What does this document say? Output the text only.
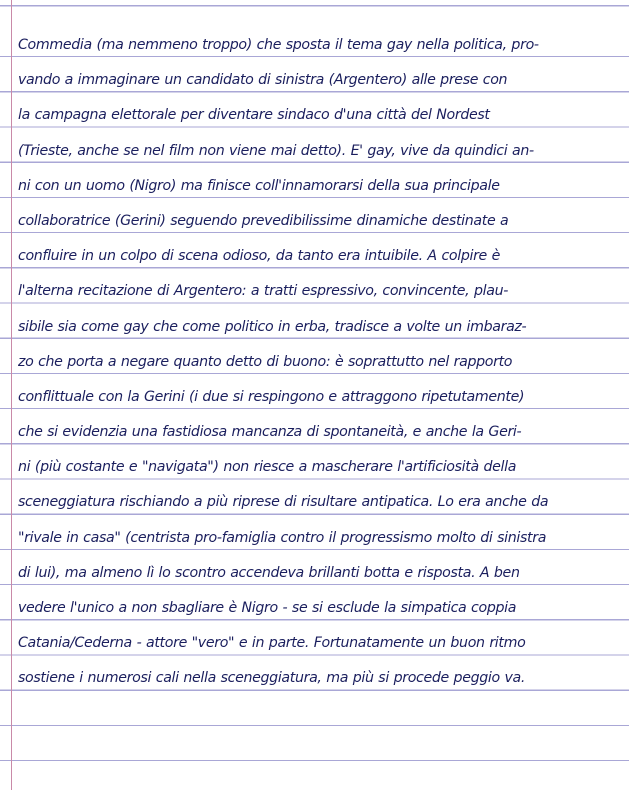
Commedia (ma nemmeno troppo) che sposta il tema gay nella politica, pro-
vando a immaginare un candidato di sinistra (Argentero) alle prese con
la campagna elettorale per diventare sindaco d'una città del Nordest
(Trieste, anche se nel film non viene mai detto). E' gay, vive da quindici an-
ni con un uomo (Nigro) ma finisce coll'innamorarsi della sua principale
collaboratrice (Gerini) seguendo prevedibilissime dinamiche destinate a
confluire in un colpo di scena odioso, da tanto era intuibile. A colpire è
l'alterna recitazione di Argentero: a tratti espressivo, convincente, plau-
sibile sia come gay che come politico in erba, tradisce a volte un imbaraz-
zo che porta a negare quanto detto di buono: è soprattutto nel rapporto
conflittuale con la Gerini (i due si respingono e attraggono ripetutamente)
che si evidenzia una fastidiosa mancanza di spontaneità, e anche la Geri-
ni (più costante e "navigata") non riesce a mascherare l'artificiosità della
sceneggiatura rischiando a più riprese di risultare antipatica. Lo era anche da
"rivale in casa" (centrista pro-famiglia contro il progressismo molto di sinistra
di lui), ma almeno lì lo scontro accendeva brillanti botta e risposta. A ben
vedere l'unico a non sbagliare è Nigro - se si esclude la simpatica coppia
Catania/Cederna - attore "vero" e in parte. Fortunatamente un buon ritmo
sostiene i numerosi cali nella sceneggiatura, ma più si procede peggio va.
